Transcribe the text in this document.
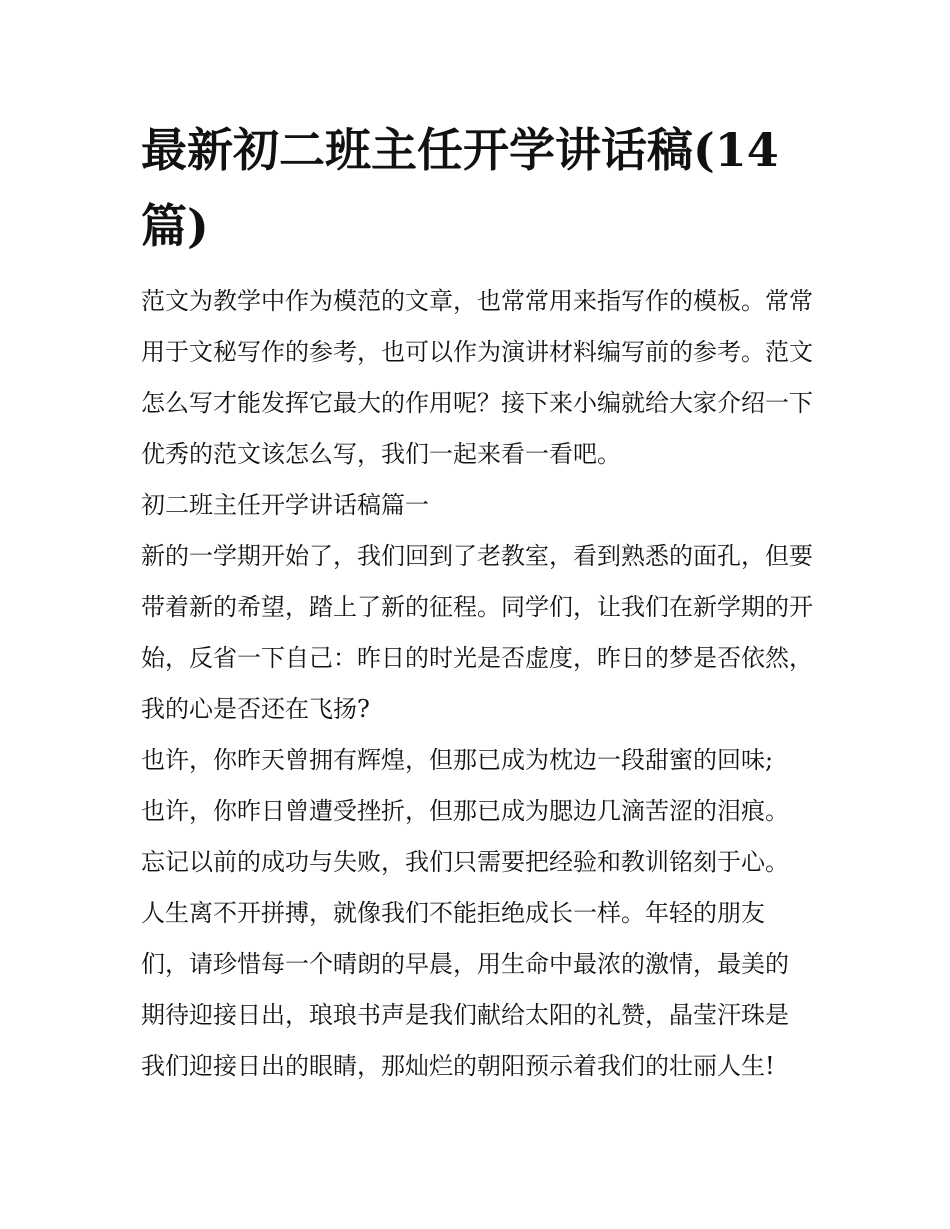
最新初二班主任开学讲话稿(14篇)

范文为教学中作为模范的文章，也常常用来指写作的模板。常常用于文秘写作的参考，也可以作为演讲材料编写前的参考。范文怎么写才能发挥它最大的作用呢？接下来小编就给大家介绍一下优秀的范文该怎么写，我们一起来看一看吧。

初二班主任开学讲话稿篇一

新的一学期开始了，我们回到了老教室，看到熟悉的面孔，但要带着新的希望，踏上了新的征程。同学们，让我们在新学期的开始，反省一下自己：昨日的时光是否虚度，昨日的梦是否依然，我的心是否还在飞扬?

也许，你昨天曾拥有辉煌，但那已成为枕边一段甜蜜的回味;
也许，你昨日曾遭受挫折，但那已成为腮边几滴苦涩的泪痕。
忘记以前的成功与失败，我们只需要把经验和教训铭刻于心。
人生离不开拼搏，就像我们不能拒绝成长一样。年轻的朋友
们，请珍惜每一个晴朗的早晨，用生命中最浓的激情，最美的
期待迎接日出，琅琅书声是我们献给太阳的礼赞，晶莹汗珠是
我们迎接日出的眼睛，那灿烂的朝阳预示着我们的壮丽人生!
